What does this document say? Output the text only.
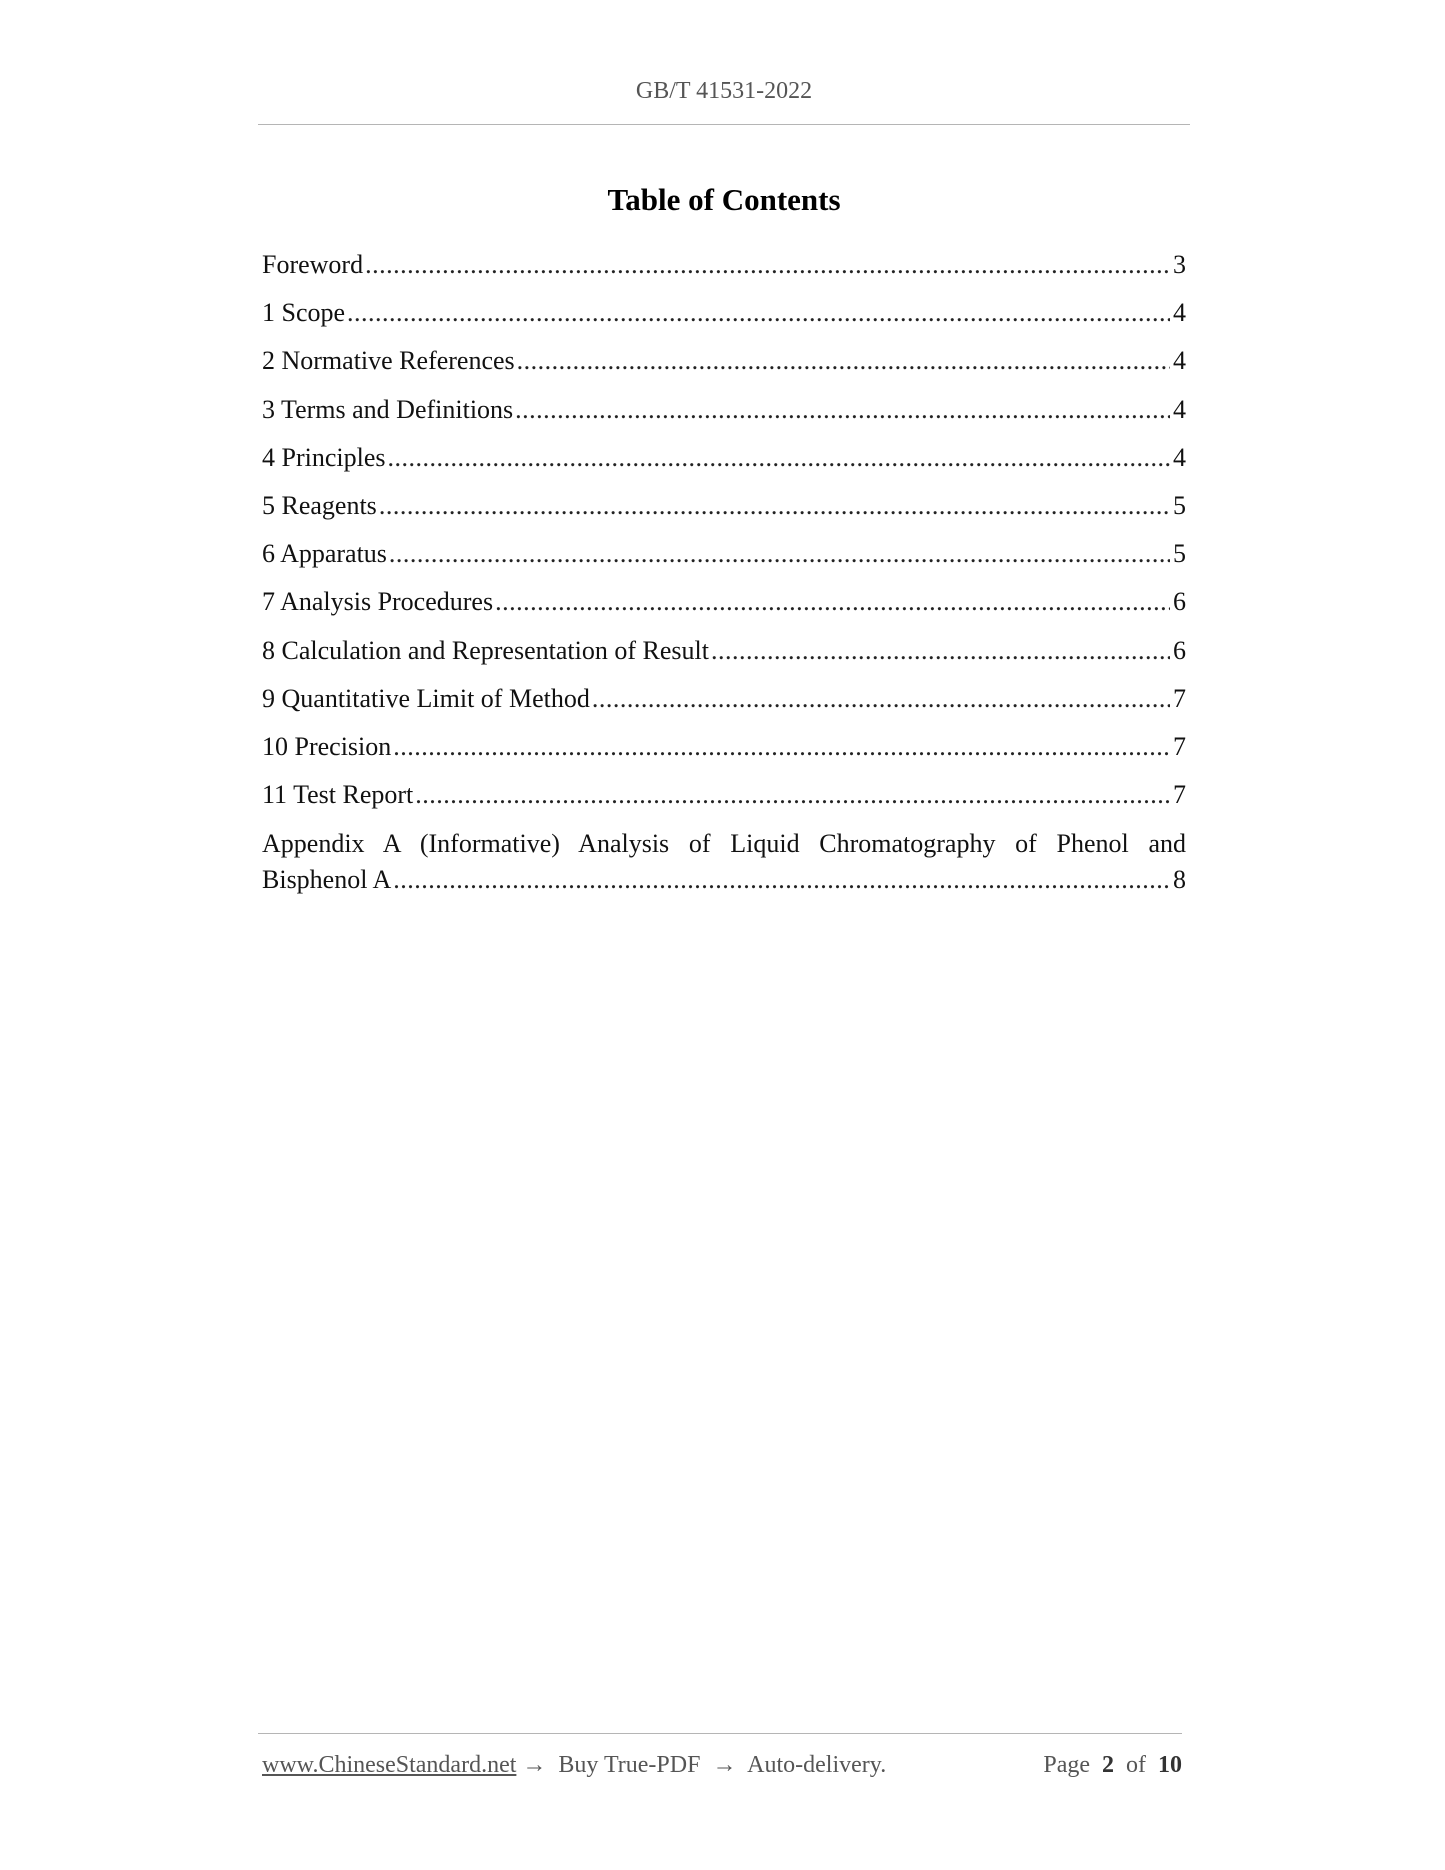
GB/T 41531-2022
Table of Contents
Foreword .....	3
1 Scope .....	4
2 Normative References .....	4
3 Terms and Definitions .....	4
4 Principles .....	4
5 Reagents .....	5
6 Apparatus .....	5
7 Analysis Procedures .....	6
8 Calculation and Representation of Result .....	6
9 Quantitative Limit of Method .....	7
10 Precision .....	7
11 Test Report .....	7
Appendix A (Informative) Analysis of Liquid Chromatography of Phenol and
Bisphenol A .....	8
www.ChineseStandard.net → Buy True-PDF → Auto-delivery.	Page 2 of 10
